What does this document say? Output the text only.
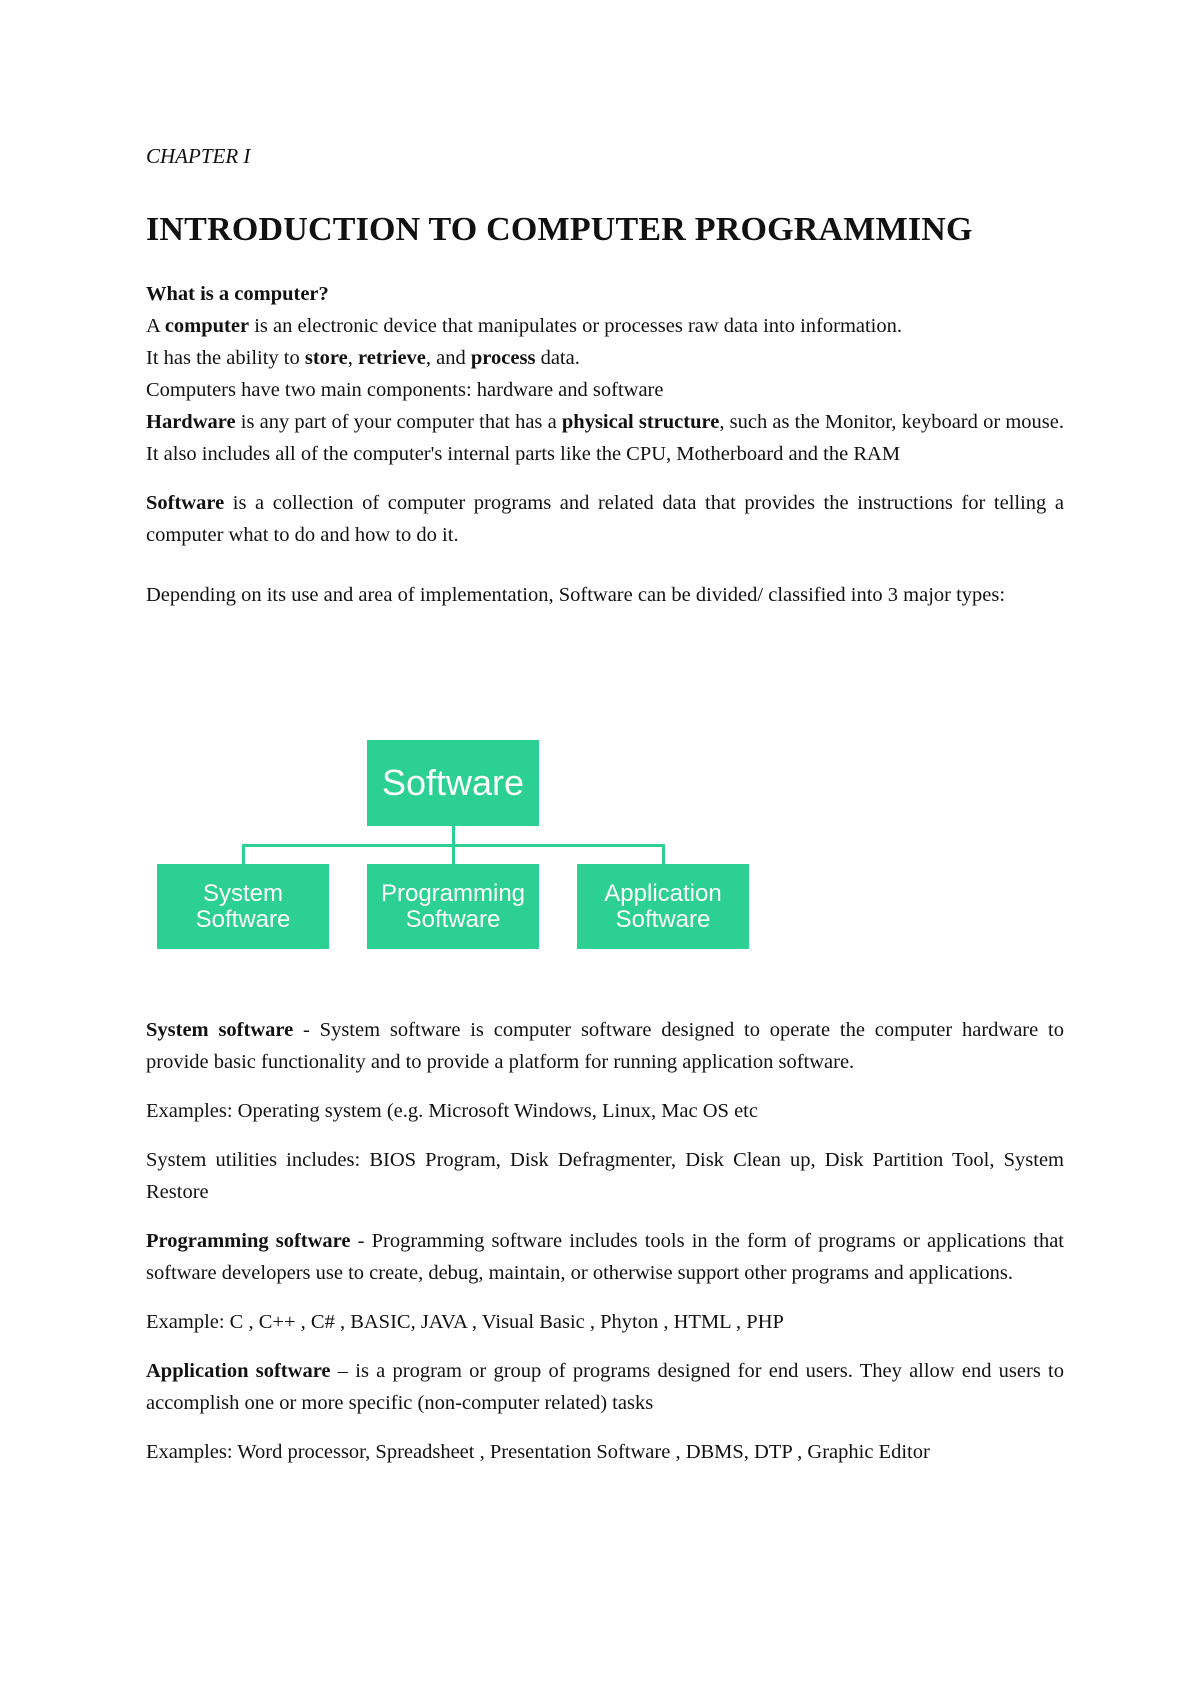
CHAPTER I

INTRODUCTION TO COMPUTER PROGRAMMING

What is a computer?

A computer is an electronic device that manipulates or processes raw data into information.

It has the ability to store, retrieve, and process data.

Computers have two main components: hardware and software

Hardware is any part of your computer that has a physical structure, such as the Monitor, keyboard or mouse. It also includes all of the computer's internal parts like the CPU, Motherboard and the RAM

Software is a collection of computer programs and related data that provides the instructions for telling a computer what to do and how to do it.

Depending on its use and area of implementation, Software can be divided/ classified into 3 major types:

Software
System
Software
Programming
Software
Application
Software

System software - System software is computer software designed to operate the computer hardware to provide basic functionality and to provide a platform for running application software.

Examples: Operating system (e.g. Microsoft Windows, Linux, Mac OS etc

System utilities includes: BIOS Program, Disk Defragmenter, Disk Clean up, Disk Partition Tool, System Restore

Programming software - Programming software includes tools in the form of programs or applications that software developers use to create, debug, maintain, or otherwise support other programs and applications.

Example: C , C++ , C# , BASIC, JAVA , Visual Basic , Phyton , HTML , PHP

Application software – is a program or group of programs designed for end users. They allow end users to accomplish one or more specific (non-computer related) tasks

Examples: Word processor, Spreadsheet , Presentation Software , DBMS, DTP , Graphic Editor
